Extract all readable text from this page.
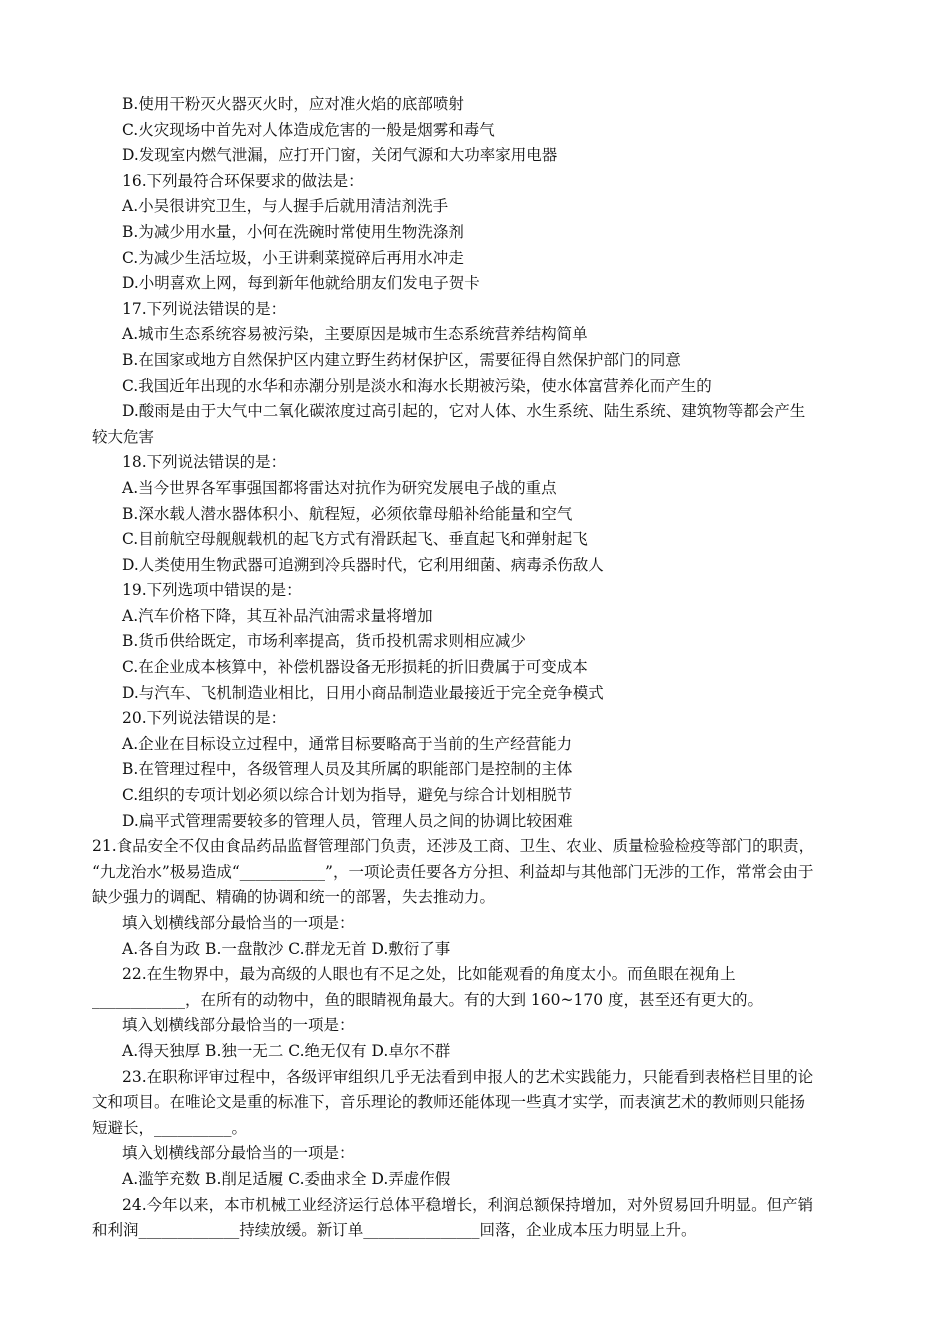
B.使用干粉灭火器灭火时，应对准火焰的底部喷射
C.火灾现场中首先对人体造成危害的一般是烟雾和毒气
D.发现室内燃气泄漏，应打开门窗，关闭气源和大功率家用电器
16.下列最符合环保要求的做法是：
A.小吴很讲究卫生，与人握手后就用清洁剂洗手
B.为减少用水量，小何在洗碗时常使用生物洗涤剂
C.为减少生活垃圾，小王讲剩菜搅碎后再用水冲走
D.小明喜欢上网，每到新年他就给朋友们发电子贺卡
17.下列说法错误的是：
A.城市生态系统容易被污染，主要原因是城市生态系统营养结构简单
B.在国家或地方自然保护区内建立野生药材保护区，需要征得自然保护部门的同意
C.我国近年出现的水华和赤潮分别是淡水和海水长期被污染，使水体富营养化而产生的
D.酸雨是由于大气中二氧化碳浓度过高引起的，它对人体、水生系统、陆生系统、建筑物等都会产生
较大危害
18.下列说法错误的是：
A.当今世界各军事强国都将雷达对抗作为研究发展电子战的重点
B.深水载人潜水器体积小、航程短，必须依靠母船补给能量和空气
C.目前航空母舰舰载机的起飞方式有滑跃起飞、垂直起飞和弹射起飞
D.人类使用生物武器可追溯到冷兵器时代，它利用细菌、病毒杀伤敌人
19.下列选项中错误的是：
A.汽车价格下降，其互补品汽油需求量将增加
B.货币供给既定，市场利率提高，货币投机需求则相应减少
C.在企业成本核算中，补偿机器设备无形损耗的折旧费属于可变成本
D.与汽车、飞机制造业相比，日用小商品制造业最接近于完全竞争模式
20.下列说法错误的是：
A.企业在目标设立过程中，通常目标要略高于当前的生产经营能力
B.在管理过程中，各级管理人员及其所属的职能部门是控制的主体
C.组织的专项计划必须以综合计划为指导，避免与综合计划相脱节
D.扁平式管理需要较多的管理人员，管理人员之间的协调比较困难
21.食品安全不仅由食品药品监督管理部门负责，还涉及工商、卫生、农业、质量检验检疫等部门的职责，
“九龙治水”极易造成“___________”，一项论责任要各方分担、利益却与其他部门无涉的工作，常常会由于
缺少强力的调配、精确的协调和统一的部署，失去推动力。
填入划横线部分最恰当的一项是：
A.各自为政 B.一盘散沙 C.群龙无首 D.敷衍了事
22.在生物界中，最为高级的人眼也有不足之处，比如能观看的角度太小。而鱼眼在视角上
____________，在所有的动物中，鱼的眼睛视角最大。有的大到 160~170 度，甚至还有更大的。
填入划横线部分最恰当的一项是：
A.得天独厚 B.独一无二 C.绝无仅有 D.卓尔不群
23.在职称评审过程中，各级评审组织几乎无法看到申报人的艺术实践能力，只能看到表格栏目里的论
文和项目。在唯论文是重的标准下，音乐理论的教师还能体现一些真才实学，而表演艺术的教师则只能扬
短避长，__________。
填入划横线部分最恰当的一项是：
A.滥竽充数 B.削足适履 C.委曲求全 D.弄虚作假
24.今年以来，本市机械工业经济运行总体平稳增长，利润总额保持增加，对外贸易回升明显。但产销
和利润_____________持续放缓。新订单_______________回落，企业成本压力明显上升。
